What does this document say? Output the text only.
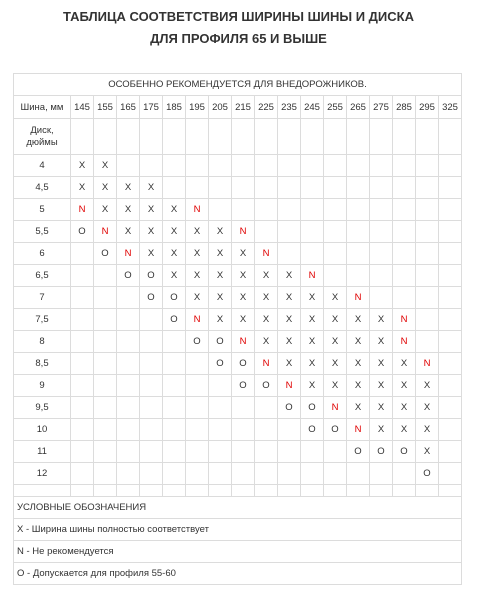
ТАБЛИЦА СООТВЕТСТВИЯ ШИРИНЫ ШИНЫ И ДИСКА
ДЛЯ ПРОФИЛЯ 65 И ВЫШЕ
ОСОБЕННО РЕКОМЕНДУЕТСЯ ДЛЯ ВНЕДОРОЖНИКОВ.																	
Шина, мм	145	155	165	175	185	195	205	215	225	235	245	255	265	275	285	295	325
Диск, дюймы																	
4	X	X															
4,5	X	X	X	X													
5	N	X	X	X	X	N											
5,5	O	N	X	X	X	X	X	N									
6		O	N	X	X	X	X	X	N								
6,5			O	O	X	X	X	X	X	X	N						
7				O	O	X	X	X	X	X	X	X	N				
7,5					O	N	X	X	X	X	X	X	X	X	N		
8						O	O	N	X	X	X	X	X	X	N		
8,5							O	O	N	X	X	X	X	X	X	N	
9								O	O	N	X	X	X	X	X	X	
9,5										O	O	N	X	X	X	X	
10											O	O	N	X	X	X	
11													O	O	O	X	
12																O	

УСЛОВНЫЕ ОБОЗНАЧЕНИЯ																	
X - Ширина шины полностью соответствует																	
N - Не рекомендуется																	
O - Допускается для профиля 55-60																	
